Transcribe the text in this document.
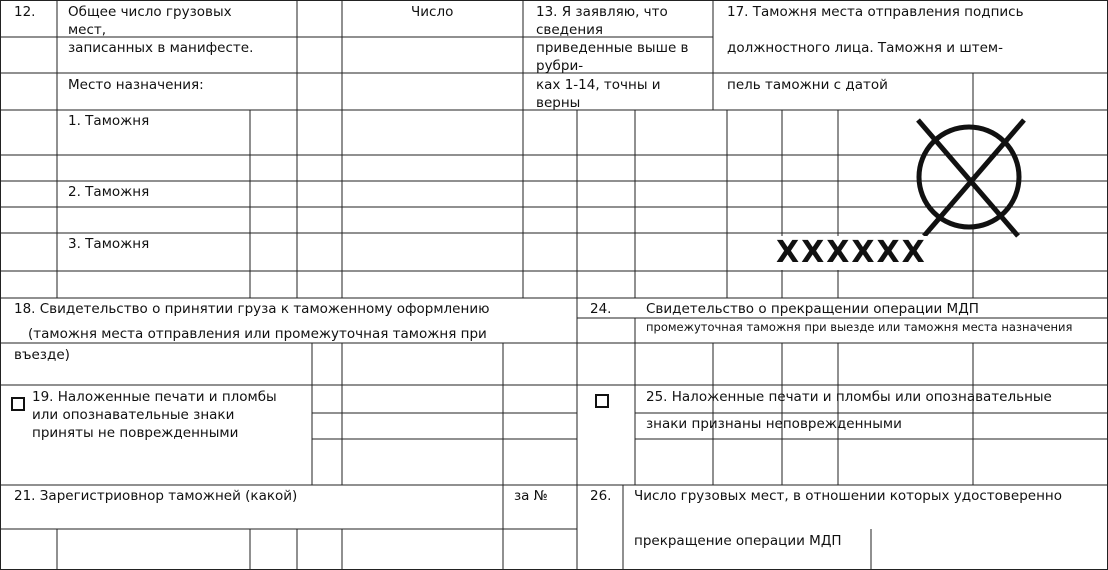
12. Общее число грузовых мест,
записанных в манифесте.
Место назначения:
Число	13. Я заявляю, что сведения
приведенные выше в рубри-
ках 1-14, точны и верны
17. Таможня места отправления подпись
должностного лица. Таможня и штем-
пель таможни с датой
1. Таможня
2. Таможня
3. Таможня	XXXXXX
18. Свидетельство о принятии груза к таможенному оформлению
(таможня места отправления или промежуточная таможня при
въезде)
24.	Свидетельство о прекращении операции МДП
промежуточная таможня при выезде или таможня места назначения
19. Наложенные печати и пломбы
или опознавательные знаки
приняты не поврежденными
25. Наложенные печати и пломбы или опознавательные
знаки признаны неповрежденными
21. Зарегистриовнор таможней (какой)	за №	26. Число грузовых мест, в отношении которых удостоверенно
прекращение операции МДП
